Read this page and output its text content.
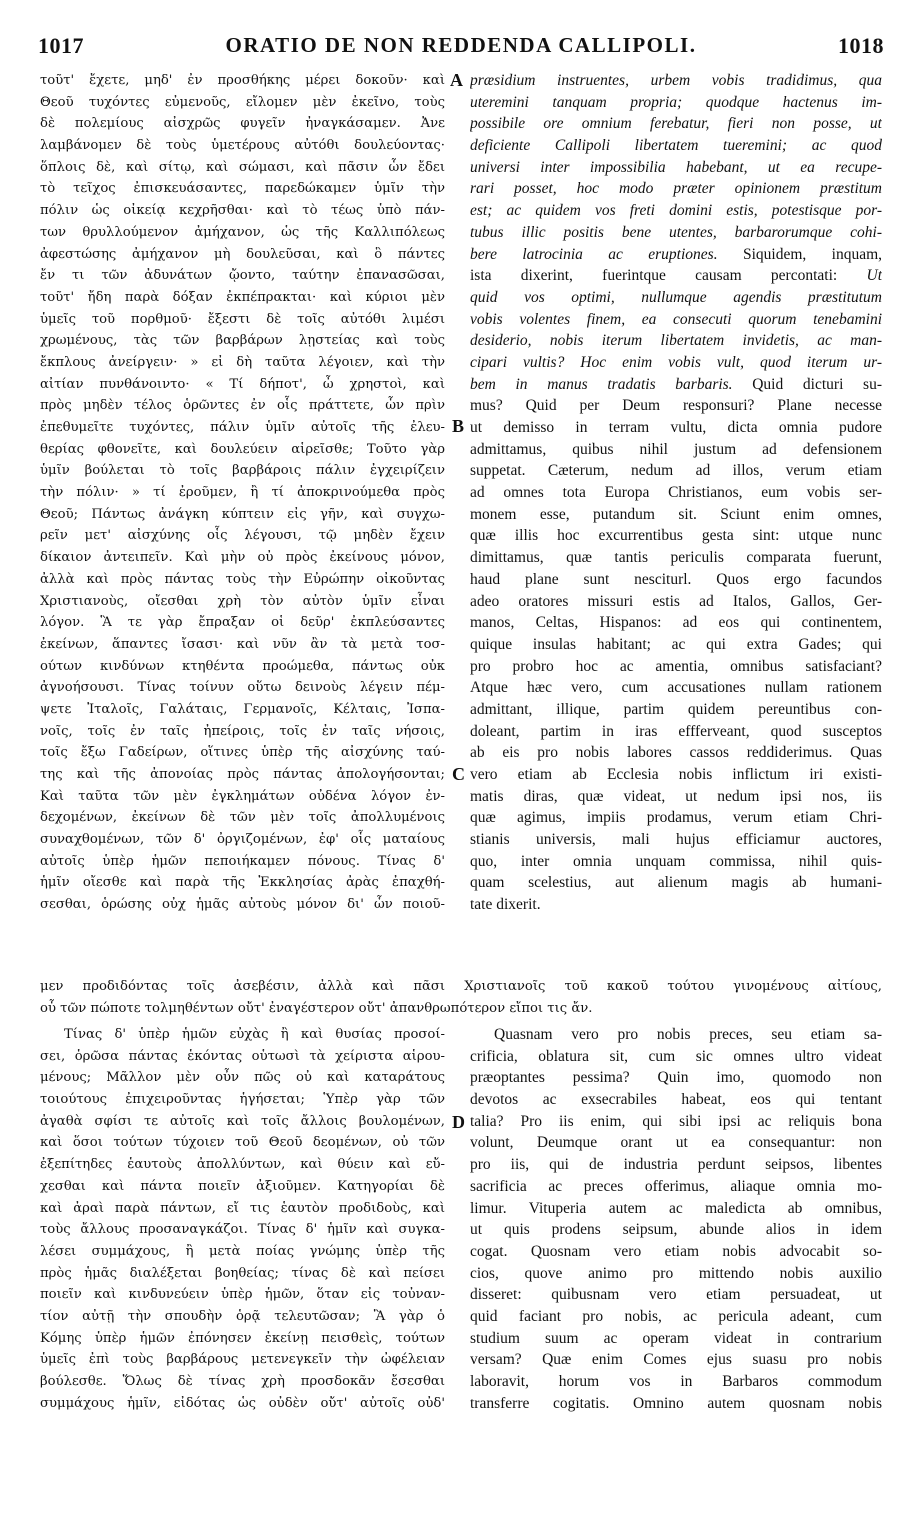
1017	ORATIO DE NON REDDENDA CALLIPOLI.	1018
τοῦτ' ἔχετε, μηδ' ἐν προσθήκης μέρει δοκοῦν· καὶ
Θεοῦ τυχόντες εὐμενοῦς, εἴλομεν μὲν ἐκεῖνο, τοὺς
δὲ πολεμίους αἰσχρῶς φυγεῖν ἠναγκάσαμεν. Ἀνε
λαμβάνομεν δὲ τοὺς ὑμετέρους αὐτόθι δουλεύοντας·
ὅπλοις δὲ, καὶ σίτῳ, καὶ σώμασι, καὶ πᾶσιν ὧν ἔδει
τὸ τεῖχος ἐπισκευάσαντες, παρεδώκαμεν ὑμῖν τὴν
πόλιν ὡς οἰκείᾳ κεχρῆσθαι· καὶ τὸ τέως ὑπὸ πάν-
των θρυλλούμενον ἀμήχανον, ὡς τῆς Καλλιπόλεως
ἀφεστώσης ἀμήχανον μὴ δουλεῦσαι, καὶ ὃ πάντες
ἔν τι τῶν ἀδυνάτων ᾤοντο, ταύτην ἐπανασῶσαι,
τοῦτ' ἤδη παρὰ δόξαν ἐκπέπρακται· καὶ κύριοι μὲν
ὑμεῖς τοῦ πορθμοῦ· ἔξεστι δὲ τοῖς αὐτόθι λιμέσι
χρωμένους, τὰς τῶν βαρβάρων λῃστείας καὶ τοὺς
ἔκπλους ἀνείργειν· » εἰ δὴ ταῦτα λέγοιεν, καὶ τὴν
αἰτίαν πυνθάνοιντο· « Τί δήποτ', ὦ χρηστοὶ, καὶ
πρὸς μηδὲν τέλος ὁρῶντες ἐν οἷς πράττετε, ὧν πρὶν
ἐπεθυμεῖτε τυχόντες, πάλιν ὑμῖν αὐτοῖς τῆς ἐλευ-
θερίας φθονεῖτε, καὶ δουλεύειν αἱρεῖσθε; Τοῦτο γὰρ
ὑμῖν βούλεται τὸ τοῖς βαρβάροις πάλιν ἐγχειρίζειν
τὴν πόλιν· » τί ἐροῦμεν, ἢ τί ἀποκρινούμεθα πρὸς
Θεοῦ; Πάντως ἀνάγκη κύπτειν εἰς γῆν, καὶ συγχω-
ρεῖν μετ' αἰσχύνης οἷς λέγουσι, τῷ μηδὲν ἔχειν
δίκαιον ἀντειπεῖν. Καὶ μὴν οὐ πρὸς ἐκείνους μόνον,
ἀλλὰ καὶ πρὸς πάντας τοὺς τὴν Εὐρώπην οἰκοῦντας
Χριστιανοὺς, οἴεσθαι χρὴ τὸν αὐτὸν ὑμῖν εἶναι
λόγον. Ἃ τε γὰρ ἔπραξαν οἱ δεῦρ' ἐκπλεύσαντες
ἐκείνων, ἅπαντες ἴσασι· καὶ νῦν ἂν τὰ μετὰ τοσ-
ούτων κινδύνων κτηθέντα προώμεθα, πάντως οὐκ
ἀγνοήσουσι. Τίνας τοίνυν οὕτω δεινοὺς λέγειν πέμ-
ψετε Ἰταλοῖς, Γαλάταις, Γερμανοῖς, Κέλταις, Ἰσπα-
νοῖς, τοῖς ἐν ταῖς ἠπείροις, τοῖς ἐν ταῖς νήσοις,
τοῖς ἔξω Γαδείρων, οἵτινες ὑπὲρ τῆς αἰσχύνης ταύ-
της καὶ τῆς ἀπονοίας πρὸς πάντας ἀπολογήσονται;
Καὶ ταῦτα τῶν μὲν ἐγκλημάτων οὐδένα λόγον ἐν-
δεχομένων, ἐκείνων δὲ τῶν μὲν τοῖς ἀπολλυμένοις
συναχθομένων, τῶν δ' ὀργιζομένων, ἐφ' οἷς ματαίους
αὐτοῖς ὑπὲρ ἡμῶν πεποιήκαμεν πόνους. Τίνας δ'
ἡμῖν οἴεσθε καὶ παρὰ τῆς Ἐκκλησίας ἀρὰς ἐπαχθή-
σεσθαι, ὁρώσης οὐχ ἡμᾶς αὐτοὺς μόνον δι' ὧν ποιοῦ-
præsidium instruentes, urbem vobis tradidimus, qua
uteremini tanquam propria; quodque hactenus im-
possibile ore omnium ferebatur, fieri non posse, ut
deficiente Callipoli libertatem tueremini; ac quod
universi inter impossibilia habebant, ut ea recupe-
rari posset, hoc modo præter opinionem præstitum
est; ac quidem vos freti domini estis, potestisque por-
tubus illic positis bene utentes, barbarorumque cohi-
bere latrocinia ac eruptiones. Siquidem, inquam,
ista dixerint, fuerintque causam percontati: Ut
quid vos optimi, nullumque agendis præstitutum
vobis volentes finem, ea consecuti quorum tenebamini
desiderio, nobis iterum libertatem invidetis, ac man-
cipari vultis? Hoc enim vobis vult, quod iterum ur-
bem in manus tradatis barbaris. Quid dicturi su-
mus? Quid per Deum responsuri? Plane necesse
ut demisso in terram vultu, dicta omnia pudore
admittamus, quibus nihil justum ad defensionem
suppetat. Cæterum, nedum ad illos, verum etiam
ad omnes tota Europa Christianos, eum vobis ser-
monem esse, putandum sit. Sciunt enim omnes,
quæ illis hoc excurrentibus gesta sint: utque nunc
dimittamus, quæ tantis periculis comparata fuerunt,
haud plane sunt nesciturl. Quos ergo facundos
adeo oratores missuri estis ad Italos, Gallos, Ger-
manos, Celtas, Hispanos: ad eos qui continentem,
quique insulas habitant; ac qui extra Gades; qui
pro probro hoc ac amentia, omnibus satisfaciant?
Atque hæc vero, cum accusationes nullam rationem
admittant, illique, partim quidem pereuntibus con-
doleant, partim in iras effferveant, quod susceptos
ab eis pro nobis labores cassos reddiderimus. Quas
vero etiam ab Ecclesia nobis inflictum iri existi-
matis diras, quæ videat, ut nedum ipsi nos, iis
quæ agimus, impiis prodamus, verum etiam Chri-
stianis universis, mali hujus efficiamur auctores,
quo, inter omnia unquam commissa, nihil quis-
quam scelestius, aut alienum magis ab humani-
tate dixerit.
μεν προδιδόντας τοῖς ἀσεβέσιν, ἀλλὰ καὶ πᾶσι Χριστιανοῖς τοῦ κακοῦ τούτου γινομένους αἰτίους,
οὗ τῶν πώποτε τολμηθέντων οὔτ' ἐναγέστερον οὔτ' ἀπανθρωπότερον εἴποι τις ἄν.
Τίνας δ' ὑπὲρ ἡμῶν εὐχὰς ἢ καὶ θυσίας προσοί-
σει, ὁρῶσα πάντας ἑκόντας οὑτωσὶ τὰ χείριστα αἱρου-
μένους; Μᾶλλον μὲν οὖν πῶς οὐ καὶ καταράτους
τοιούτους ἐπιχειροῦντας ἡγήσεται; Ὑπὲρ γὰρ τῶν
ἀγαθὰ σφίσι τε αὐτοῖς καὶ τοῖς ἄλλοις βουλομένων,
καὶ ὅσοι τούτων τύχοιεν τοῦ Θεοῦ δεομένων, οὐ τῶν
ἐξεπίτηδες ἑαυτοὺς ἀπολλύντων, καὶ θύειν καὶ εὔ-
χεσθαι καὶ πάντα ποιεῖν ἀξιοῦμεν. Κατηγορίαι δὲ
καὶ ἀραὶ παρὰ πάντων, εἴ τις ἑαυτὸν προδιδοὺς, καὶ
τοὺς ἄλλους προσαναγκάζοι. Τίνας δ' ἡμῖν καὶ συγκα-
λέσει συμμάχους, ἢ μετὰ ποίας γνώμης ὑπὲρ τῆς
πρὸς ἡμᾶς διαλέξεται βοηθείας; τίνας δὲ καὶ πείσει
ποιεῖν καὶ κινδυνεύειν ὑπὲρ ἡμῶν, ὅταν εἰς τοὐναν-
τίον αὐτῇ τὴν σπουδὴν ὁρᾷ τελευτῶσαν; Ἃ γὰρ ὁ
Κόμης ὑπὲρ ἡμῶν ἐπόνησεν ἐκείνῃ πεισθεὶς, τούτων
ὑμεῖς ἐπὶ τοὺς βαρβάρους μετενεγκεῖν τὴν ὠφέλειαν
βούλεσθε. Ὅλως δὲ τίνας χρὴ προσδοκᾶν ἔσεσθαι
συμμάχους ἡμῖν, εἰδότας ὡς οὐδὲν οὔτ' αὐτοῖς οὐδ'
Quasnam vero pro nobis preces, seu etiam sa-
crificia, oblatura sit, cum sic omnes ultro videat
præoptantes pessima? Quin imo, quomodo non
devotos ac exsecrabiles habeat, eos qui tentant
talia? Pro iis enim, qui sibi ipsi ac reliquis bona
volunt, Deumque orant ut ea consequantur: non
pro iis, qui de industria perdunt seipsos, libentes
sacrificia ac preces offerimus, aliaque omnia mo-
limur. Vituperia autem ac maledicta ab omnibus,
ut quis prodens seipsum, abunde alios in idem
cogat. Quosnam vero etiam nobis advocabit so-
cios, quove animo pro mittendo nobis auxilio
disseret: quibusnam vero etiam persuadeat, ut
quid faciant pro nobis, ac pericula adeant, cum
studium suum ac operam videat in contrarium
versam? Quæ enim Comes ejus suasu pro nobis
laboravit, horum vos in Barbaros commodum
transferre cogitatis. Omnino autem quosnam nobis
A
B
C
D
